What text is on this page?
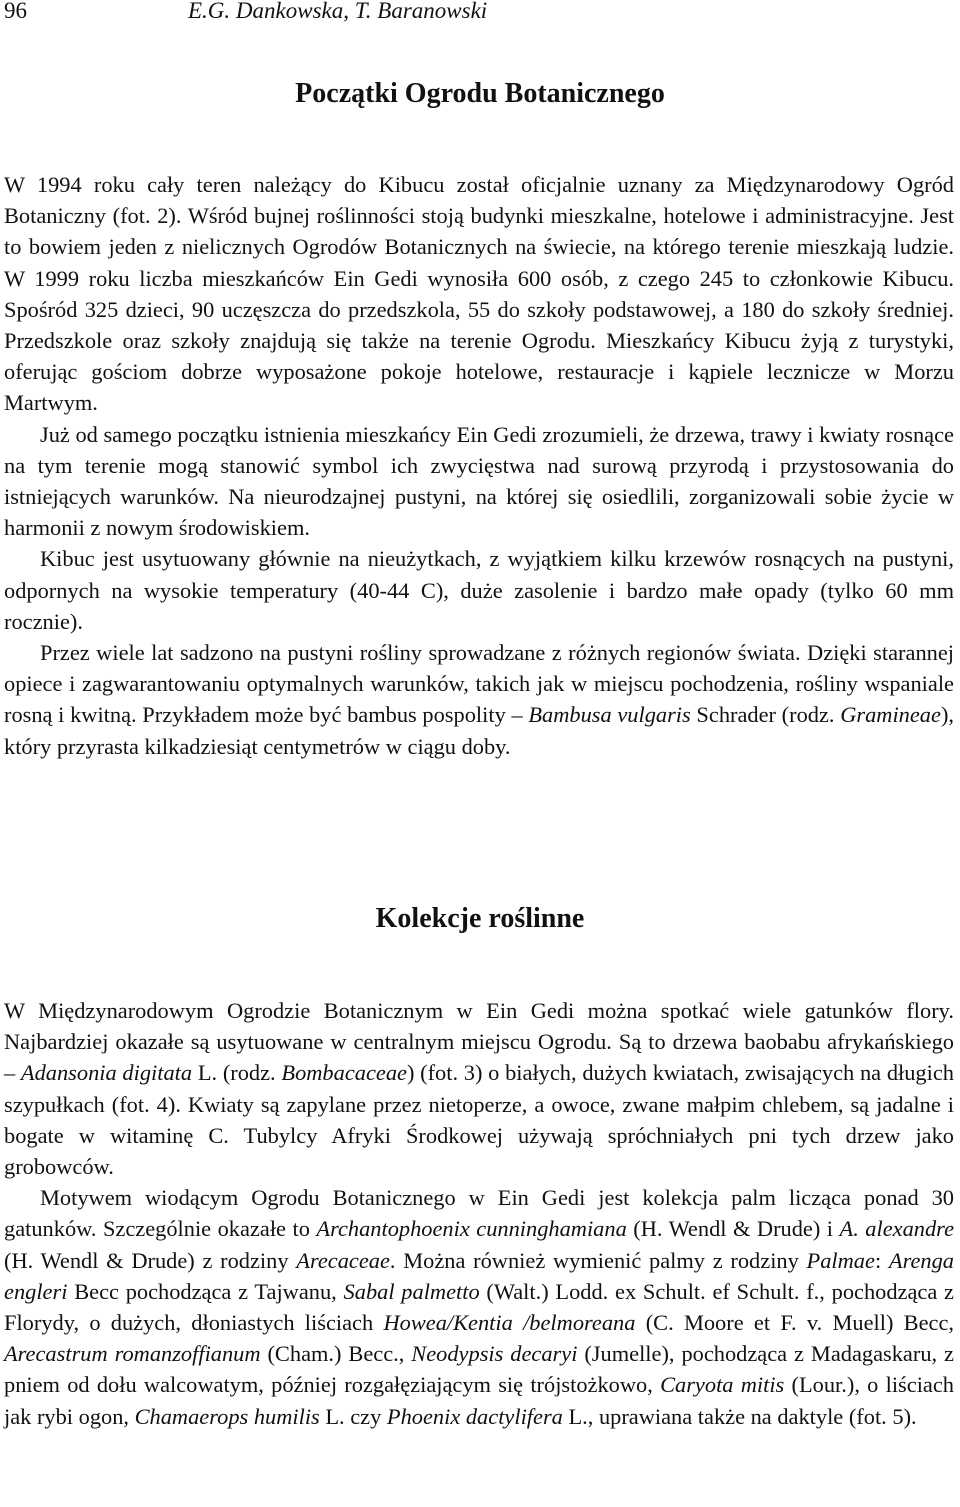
96	E.G. Dankowska, T. Baranowski
Początki Ogrodu Botanicznego

W 1994 roku cały teren należący do Kibucu został oficjalnie uznany za Międzynarodowy Ogród Botaniczny (fot. 2). Wśród bujnej roślinności stoją budynki mieszkalne, hotelowe i administracyjne. Jest to bowiem jeden z nielicznych Ogrodów Botanicznych na świecie, na którego terenie mieszkają ludzie. W 1999 roku liczba mieszkańców Ein Gedi wynosiła 600 osób, z czego 245 to członkowie Kibucu. Spośród 325 dzieci, 90 uczęszcza do przedszkola, 55 do szkoły podstawowej, a 180 do szkoły średniej. Przedszkole oraz szkoły znajdują się także na terenie Ogrodu. Mieszkańcy Kibucu żyją z turystyki, oferując gościom dobrze wyposażone pokoje hotelowe, restauracje i kąpiele lecznicze w Morzu Martwym.

Już od samego początku istnienia mieszkańcy Ein Gedi zrozumieli, że drzewa, trawy i kwiaty rosnące na tym terenie mogą stanowić symbol ich zwycięstwa nad surową przyrodą i przystosowania do istniejących warunków. Na nieurodzajnej pustyni, na której się osiedlili, zorganizowali sobie życie w harmonii z nowym środowiskiem.

Kibuc jest usytuowany głównie na nieużytkach, z wyjątkiem kilku krzewów rosnących na pustyni, odpornych na wysokie temperatury (40-44 C), duże zasolenie i bardzo małe opady (tylko 60 mm rocznie).

Przez wiele lat sadzono na pustyni rośliny sprowadzane z różnych regionów świata. Dzięki starannej opiece i zagwarantowaniu optymalnych warunków, takich jak w miejscu pochodzenia, rośliny wspaniale rosną i kwitną. Przykładem może być bambus pospolity – Bambusa vulgaris Schrader (rodz. Gramineae), który przyrasta kilkadziesiąt centymetrów w ciągu doby.

Kolekcje roślinne

W Międzynarodowym Ogrodzie Botanicznym w Ein Gedi można spotkać wiele gatunków flory. Najbardziej okazałe są usytuowane w centralnym miejscu Ogrodu. Są to drzewa baobabu afrykańskiego – Adansonia digitata L. (rodz. Bombacaceae) (fot. 3) o białych, dużych kwiatach, zwisających na długich szypułkach (fot. 4). Kwiaty są zapylane przez nietoperze, a owoce, zwane małpim chlebem, są jadalne i bogate w witaminę C. Tubylcy Afryki Środkowej używają spróchniałych pni tych drzew jako grobowców.

Motywem wiodącym Ogrodu Botanicznego w Ein Gedi jest kolekcja palm licząca ponad 30 gatunków. Szczególnie okazałe to Archantophoenix cunninghamiana (H. Wendl & Drude) i A. alexandre (H. Wendl & Drude) z rodziny Arecaceae. Można również wymienić palmy z rodziny Palmae: Arenga engleri Becc pochodząca z Tajwanu, Sabal palmetto (Walt.) Lodd. ex Schult. ef Schult. f., pochodząca z Florydy, o dużych, dłoniastych liściach Howea/Kentia /belmoreana (C. Moore et F. v. Muell) Becc, Arecastrum romanzoffianum (Cham.) Becc., Neodypsis decaryi (Jumelle), pochodząca z Madagaskaru, z pniem od dołu walcowatym, później rozgałęziającym się trójstożkowo, Caryota mitis (Lour.), o liściach jak rybi ogon, Chamaerops humilis L. czy Phoenix dactylifera L., uprawiana także na daktyle (fot. 5).
